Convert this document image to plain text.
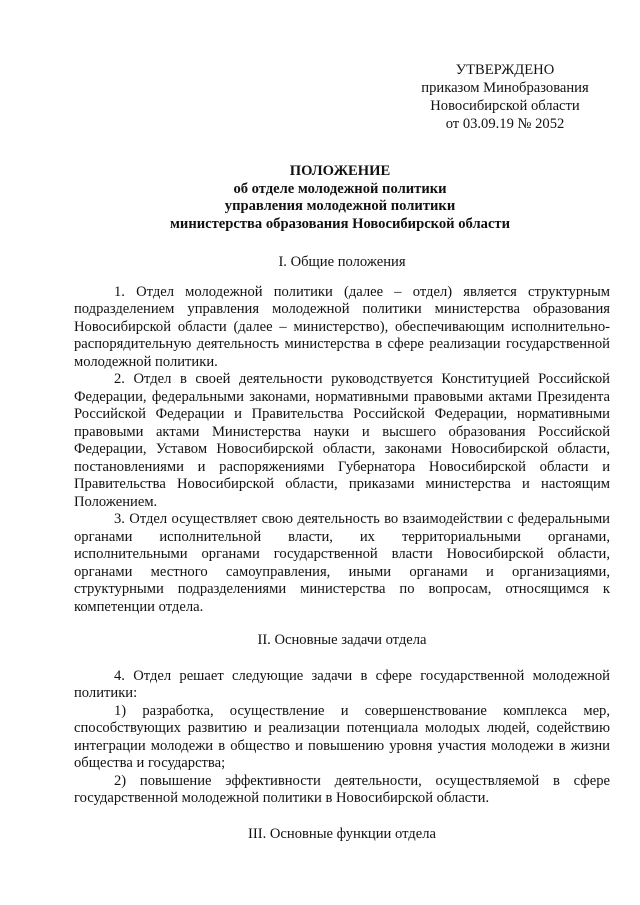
УТВЕРЖДЕНО
приказом Минобразования
Новосибирской области
от 03.09.19 № 2052
ПОЛОЖЕНИЕ
об отделе молодежной политики
управления молодежной политики
министерства образования Новосибирской области
I. Общие положения

1. Отдел молодежной политики (далее – отдел) является структурным подразделением управления молодежной политики министерства образования Новосибирской области (далее – министерство), обеспечивающим исполнительно-распорядительную деятельность министерства в сфере реализации государственной молодежной политики.

2. Отдел в своей деятельности руководствуется Конституцией Российской Федерации, федеральными законами, нормативными правовыми актами Президента Российской Федерации и Правительства Российской Федерации, нормативными правовыми актами Министерства науки и высшего образования Российской Федерации, Уставом Новосибирской области, законами Новосибирской области, постановлениями и распоряжениями Губернатора Новосибирской области и Правительства Новосибирской области, приказами министерства и настоящим Положением.

3. Отдел осуществляет свою деятельность во взаимодействии с федеральными органами исполнительной власти, их территориальными органами, исполнительными органами государственной власти Новосибирской области, органами местного самоуправления, иными органами и организациями, структурными подразделениями министерства по вопросам, относящимся к компетенции отдела.

II. Основные задачи отдела

4. Отдел решает следующие задачи в сфере государственной молодежной политики:

1) разработка, осуществление и совершенствование комплекса мер, способствующих развитию и реализации потенциала молодых людей, содействию интеграции молодежи в общество и повышению уровня участия молодежи в жизни общества и государства;

2) повышение эффективности деятельности, осуществляемой в сфере государственной молодежной политики в Новосибирской области.

III. Основные функции отдела
